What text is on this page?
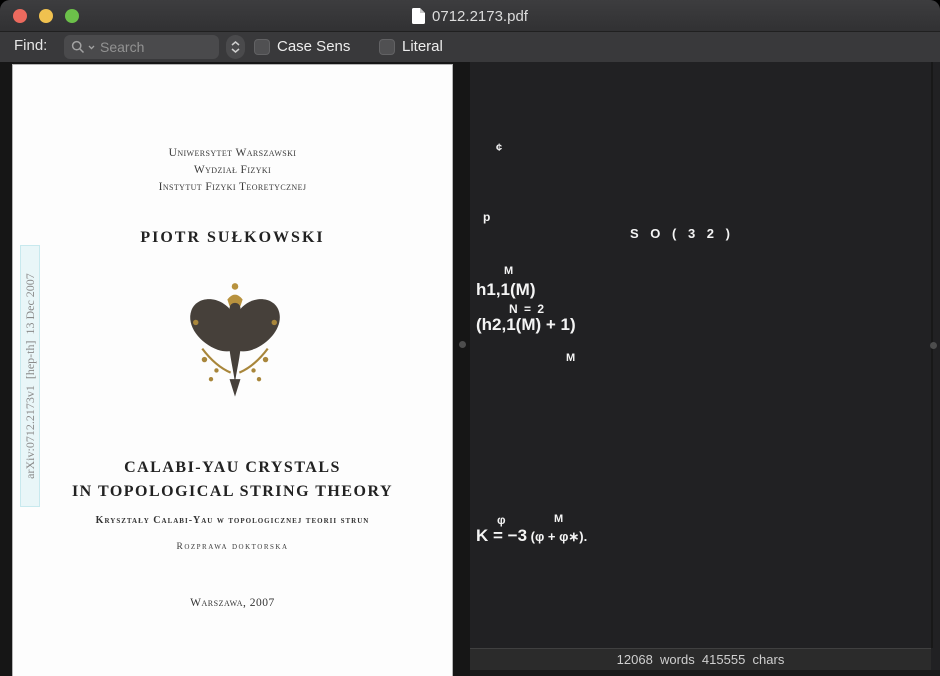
0712.2173.pdf
Find:
Search	Case Sens	Literal
Uniwersytet Warszawski
Wydział Fizyki
Instytut Fizyki Teoretycznej
PIOTR SUŁKOWSKI
CALABI-YAU CRYSTALS
IN TOPOLOGICAL STRING THEORY
Kryształy Calabi-Yau w topologicznej teorii strun
Rozprawa doktorska
Warszawa, 2007
arXiv:0712.2173v1  [hep-th]  13 Dec 2007
¢
p
S O ( 3 2 )
M
h1,1(M)
N = 2
(h2,1(M) + 1)
M
φ	M
K = −3 (φ + φ∗).
12068  words  415555  chars
